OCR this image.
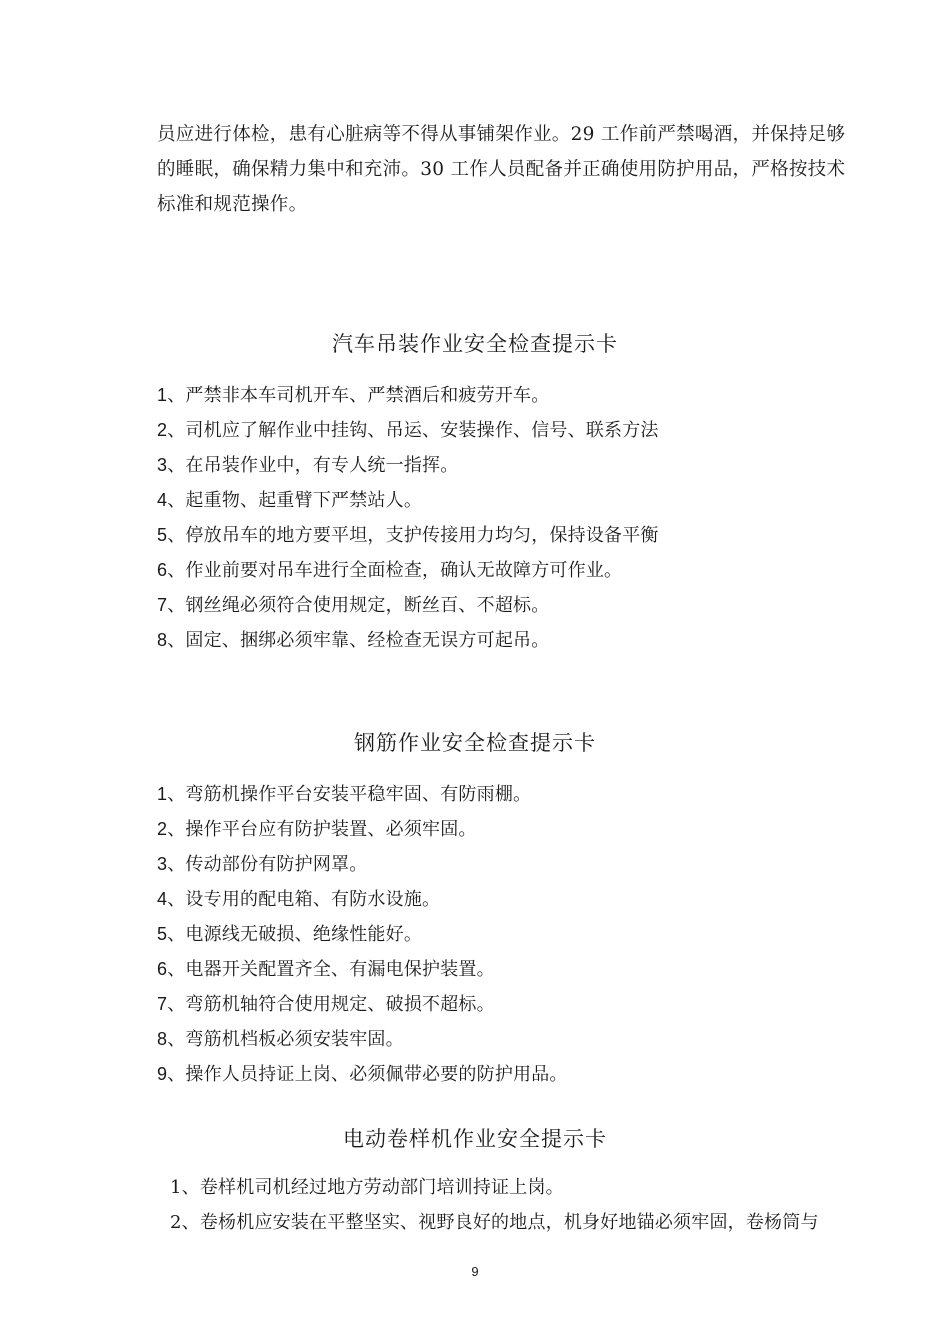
员应进行体检，患有心脏病等不得从事铺架作业。29 工作前严禁喝酒，并保持足够
的睡眠，确保精力集中和充沛。30 工作人员配备并正确使用防护用品，严格按技术
标准和规范操作。
汽车吊装作业安全检查提示卡
1、严禁非本车司机开车、严禁酒后和疲劳开车。
2、司机应了解作业中挂钩、吊运、安装操作、信号、联系方法
3、在吊装作业中，有专人统一指挥。
4、起重物、起重臂下严禁站人。
5、停放吊车的地方要平坦，支护传接用力均匀，保持设备平衡
6、作业前要对吊车进行全面检查，确认无故障方可作业。
7、钢丝绳必须符合使用规定，断丝百、不超标。
8、固定、捆绑必须牢靠、经检查无误方可起吊。
钢筋作业安全检查提示卡
1、弯筋机操作平台安装平稳牢固、有防雨棚。
2、操作平台应有防护装置、必须牢固。
3、传动部份有防护网罩。
4、设专用的配电箱、有防水设施。
5、电源线无破损、绝缘性能好。
6、电器开关配置齐全、有漏电保护装置。
7、弯筋机轴符合使用规定、破损不超标。
8、弯筋机档板必须安装牢固。
9、操作人员持证上岗、必须佩带必要的防护用品。
电动卷样机作业安全提示卡
1、卷样机司机经过地方劳动部门培训持证上岗。
2、卷杨机应安装在平整坚实、视野良好的地点，机身好地锚必须牢固，卷杨筒与
9
